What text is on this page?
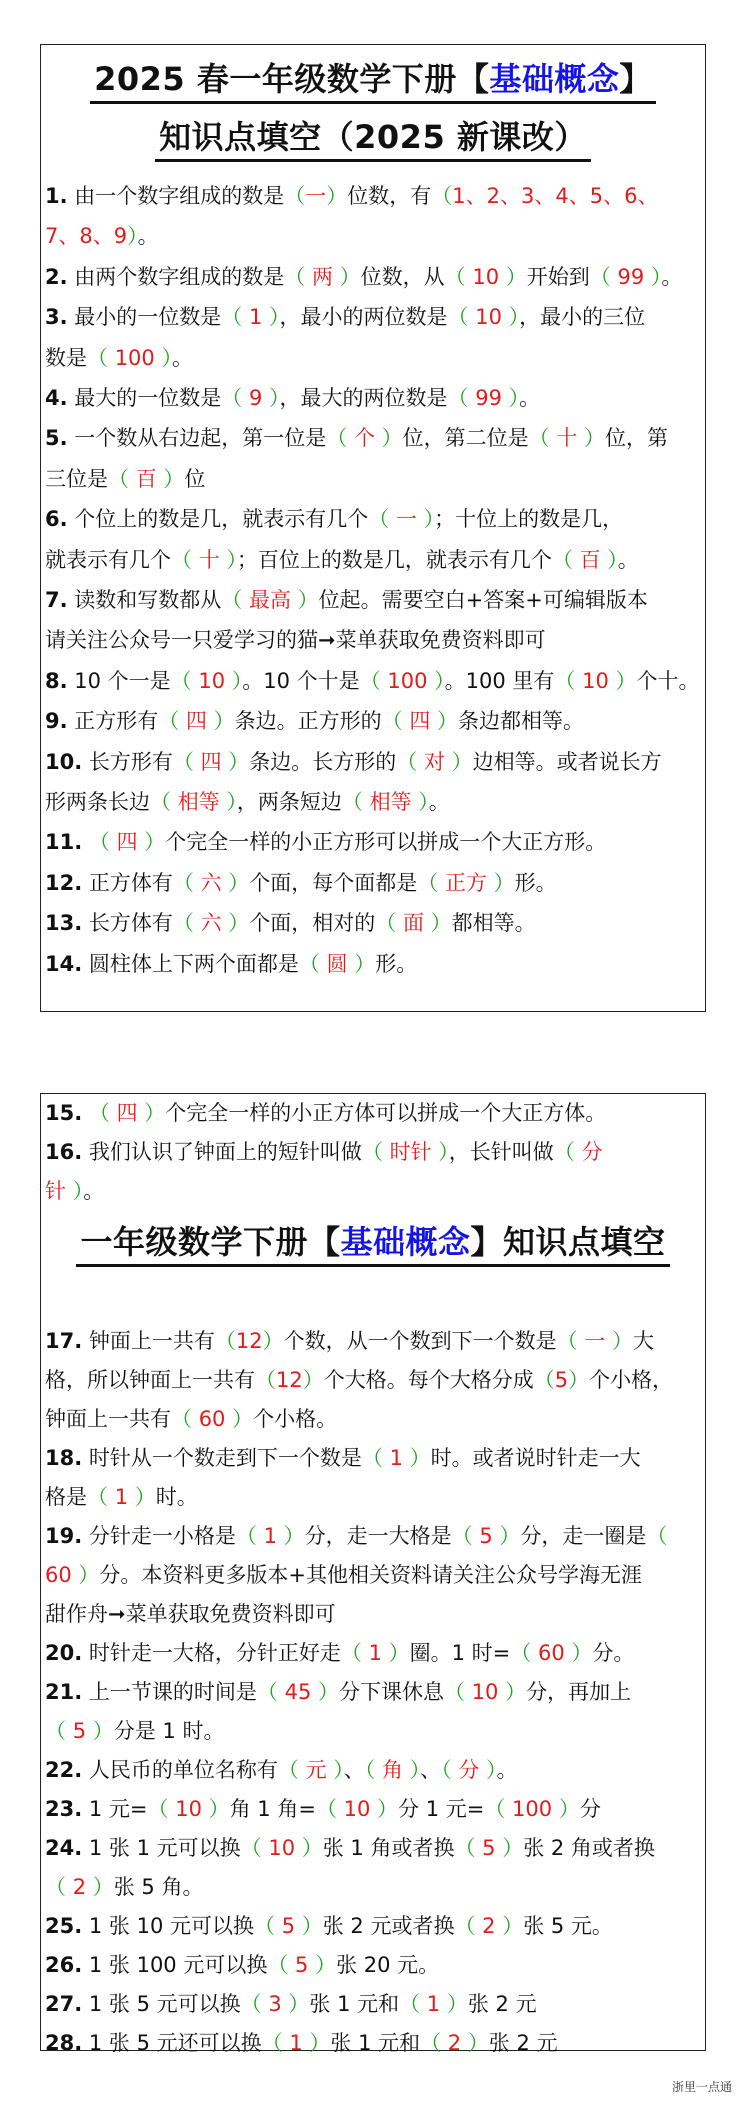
2025 春一年级数学下册【基础概念】
知识点填空（2025 新课改）
1. 由一个数字组成的数是（一）位数，有（1、2、3、4、5、6、
7、8、9）。
2. 由两个数字组成的数是（ 两 ）位数，从（ 10 ）开始到（ 99 ）。
3. 最小的一位数是（ 1 ），最小的两位数是（ 10 ），最小的三位
数是（ 100 ）。
4. 最大的一位数是（ 9 ），最大的两位数是（ 99 ）。
5. 一个数从右边起，第一位是（ 个 ）位，第二位是（ 十 ）位，第
三位是（ 百 ）位
6. 个位上的数是几，就表示有几个（ 一 ）；十位上的数是几，
就表示有几个（ 十 ）；百位上的数是几，就表示有几个（ 百 ）。
7. 读数和写数都从（ 最高 ）位起。需要空白+答案+可编辑版本
请关注公众号一只爱学习的猫➞菜单获取免费资料即可
8. 10 个一是（ 10 ）。10 个十是（ 100 ）。100 里有（ 10 ）个十。
9. 正方形有（ 四 ）条边。正方形的（ 四 ）条边都相等。
10. 长方形有（ 四 ）条边。长方形的（ 对 ）边相等。或者说长方
形两条长边（ 相等 ），两条短边（ 相等 ）。
11. （ 四 ）个完全一样的小正方形可以拼成一个大正方形。
12. 正方体有（ 六 ）个面，每个面都是（ 正方 ）形。
13. 长方体有（ 六 ）个面，相对的（ 面 ）都相等。
14. 圆柱体上下两个面都是（ 圆 ）形。
15. （ 四 ）个完全一样的小正方体可以拼成一个大正方体。
16. 我们认识了钟面上的短针叫做（ 时针 ），长针叫做（ 分
针 ）。
一年级数学下册【基础概念】知识点填空
17. 钟面上一共有（12）个数，从一个数到下一个数是（ 一 ）大
格，所以钟面上一共有（12）个大格。每个大格分成（5）个小格，
钟面上一共有（ 60 ）个小格。
18. 时针从一个数走到下一个数是（ 1 ）时。或者说时针走一大
格是（ 1 ）时。
19. 分针走一小格是（ 1 ）分，走一大格是（ 5 ）分，走一圈是（
60 ）分。本资料更多版本+其他相关资料请关注公众号学海无涯
甜作舟➞菜单获取免费资料即可
20. 时针走一大格，分针正好走（ 1 ）圈。1 时=（ 60 ）分。
21. 上一节课的时间是（ 45 ）分下课休息（ 10 ）分，再加上
（ 5 ）分是 1 时。
22. 人民币的单位名称有（ 元 ）、（ 角 ）、（ 分 ）。
23. 1 元=（ 10 ）角 1 角=（ 10 ）分 1 元=（ 100 ）分
24. 1 张 1 元可以换（ 10 ）张 1 角或者换（ 5 ）张 2 角或者换
（ 2 ）张 5 角。
25. 1 张 10 元可以换（ 5 ）张 2 元或者换（ 2 ）张 5 元。
26. 1 张 100 元可以换（ 5 ）张 20 元。
27. 1 张 5 元可以换（ 3 ）张 1 元和（ 1 ）张 2 元
28. 1 张 5 元还可以换（ 1 ）张 1 元和（ 2 ）张 2 元
浙里一点通
